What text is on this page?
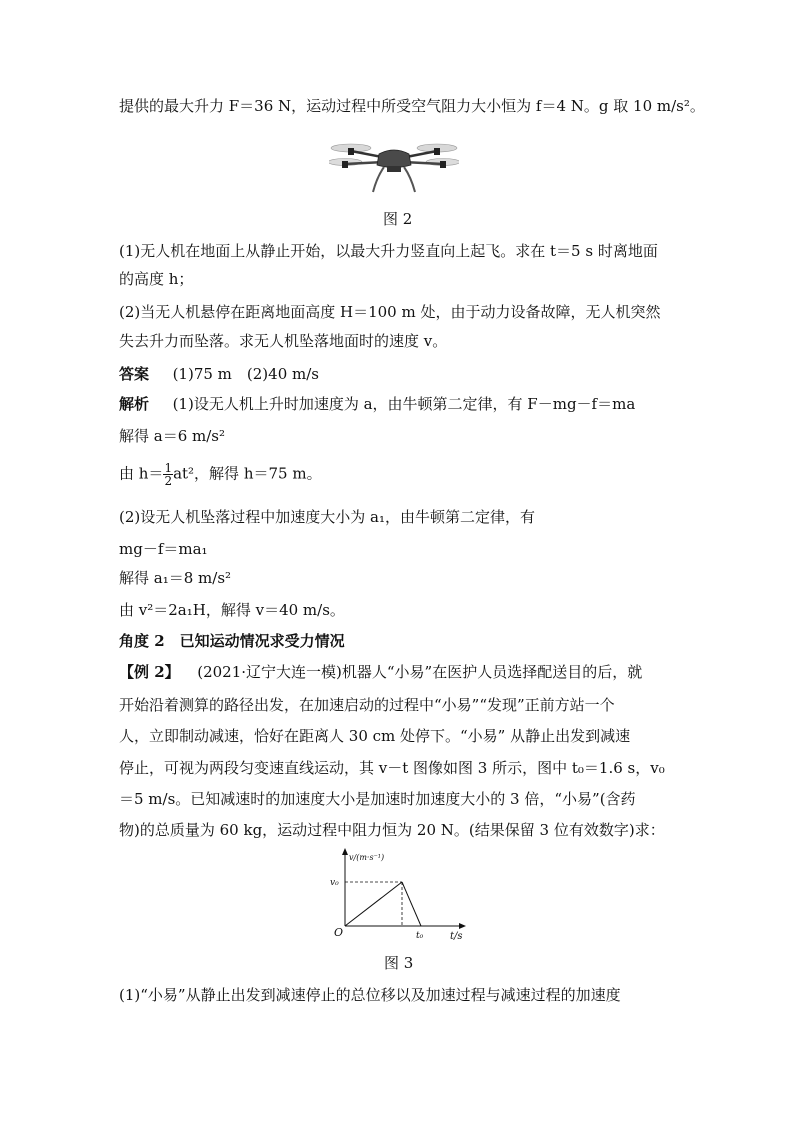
提供的最大升力 F＝36 N，运动过程中所受空气阻力大小恒为 f＝4 N。g 取 10 m/s²。
图 2
(1)无人机在地面上从静止开始，以最大升力竖直向上起飞。求在 t＝5 s 时离地面
的高度 h；
(2)当无人机悬停在距离地面高度 H＝100 m 处，由于动力设备故障，无人机突然
失去升力而坠落。求无人机坠落地面时的速度 v。
答案 (1)75 m　(2)40 m/s
解析 (1)设无人机上升时加速度为 a，由牛顿第二定律，有 F－mg－f＝ma
解得 a＝6 m/s²
由 $h= \frac{1}{2} at^2$，解得 h＝75 m。
(2)设无人机坠落过程中加速度大小为 a₁，由牛顿第二定律，有
mg－f＝ma₁
解得 a₁＝8 m/s²
由 v²＝2a₁H，解得 v＝40 m/s。
角度 2　已知运动情况求受力情况
【例 2】 (2021·辽宁大连一模)机器人“小易”在医护人员选择配送目的后，就
开始沿着测算的路径出发，在加速启动的过程中“小易”“发现”正前方站一个
人，立即制动减速，恰好在距离人 30 cm 处停下。“小易” 从静止出发到减速
停止，可视为两段匀变速直线运动，其 v－t 图像如图 3 所示，图中 t₀＝1.6 s，v₀
＝5 m/s。已知减速时的加速度大小是加速时加速度大小的 3 倍，“小易”(含药
物)的总质量为 60 kg，运动过程中阻力恒为 20 N。(结果保留 3 位有效数字)求：
v/(m·s⁻¹)
v₀
O	t₀	t/s
图 3
(1)“小易”从静止出发到减速停止的总位移以及加速过程与减速过程的加速度
